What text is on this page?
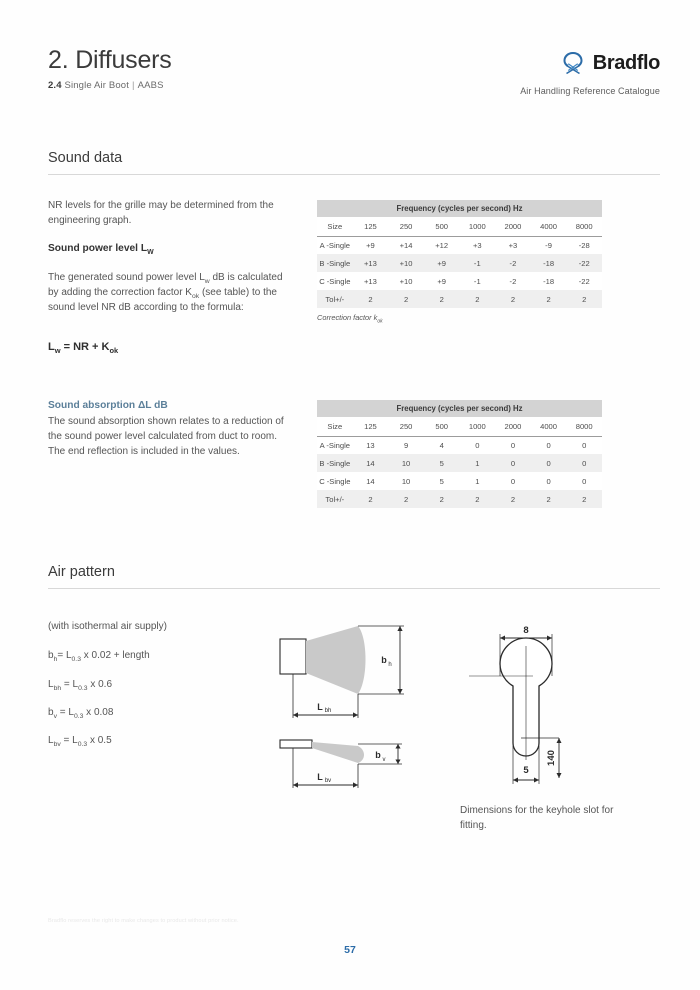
2. Diffusers
2.4 Single Air Boot | AABS
Bradflo
Air Handling Reference Catalogue
Sound data

NR levels for the grille may be determined from the engineering graph.

Sound power level $L_W$

The generated sound power level $L_w$ dB is calculated by adding the correction factor $K_{ok}$ (see table) to the sound level NR dB according to the formula:

$L_w$ = NR + $K_{ok}$

Sound absorption ΔL dB

The sound absorption shown relates to a reduction of the sound power level calculated from duct to room. The end reflection is included in the values.

Frequency (cycles per second) Hz							
Size	125	250	500	1000	2000	4000	8000
A -Single	+9	+14	+12	+3	+3	-9	-28
B -Single	+13	+10	+9	-1	-2	-18	-22
C -Single	+13	+10	+9	-1	-2	-18	-22
Tol+/-	2	2	2	2	2	2	2
Correction factor $k_{ok}$
Frequency (cycles per second) Hz							
Size	125	250	500	1000	2000	4000	8000
A -Single	13	9	4	0	0	0	0
B -Single	14	10	5	1	0	0	0
C -Single	14	10	5	1	0	0	0
Tol+/-	2	2	2	2	2	2	2
Air pattern

(with isothermal air supply)

$b_h= L_{0.3}$ x 0.02 + length

$L_{bh} = L_{0.3}$ x 0.6

$b_v = L_{0.3}$ x 0.08

$L_{bv} = L_{0.3}$ x 0.5

b h
L bh
b v
L bv
8
5
140
Dimensions for the keyhole slot for fitting.
Bradflo reserves the right to make changes to product without prior notice.
57
